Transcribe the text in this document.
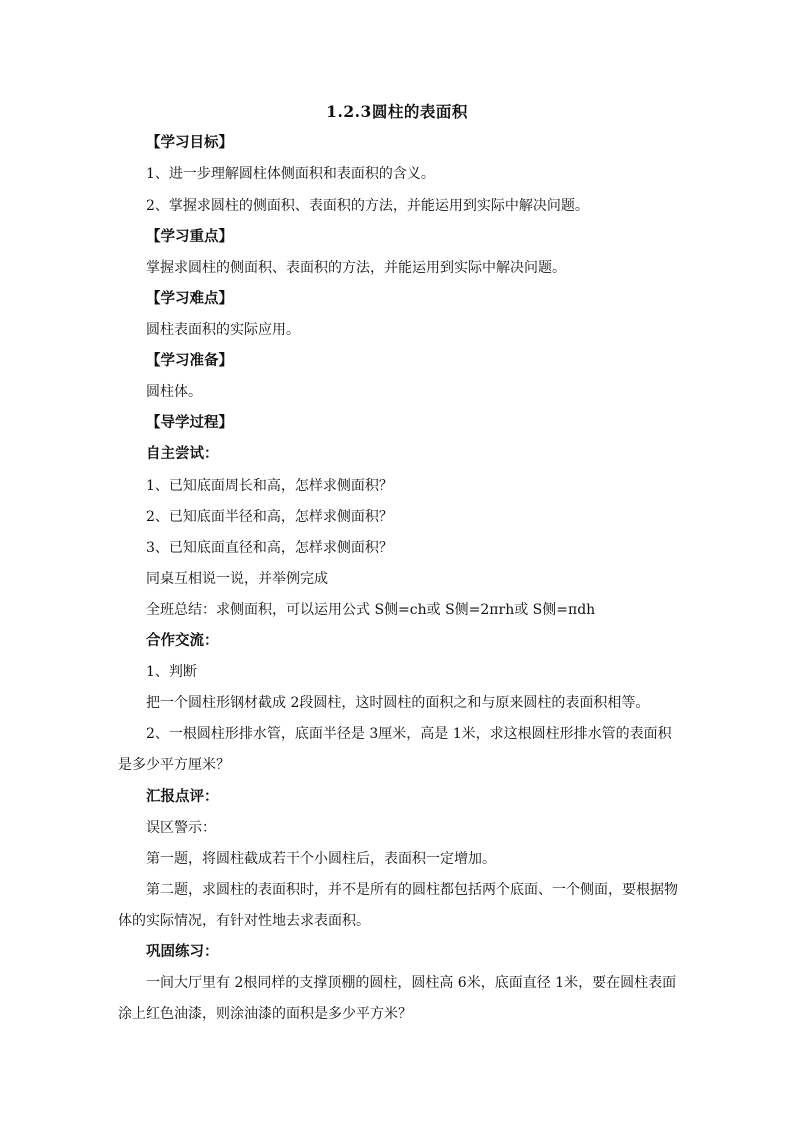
1.2.3圆柱的表面积
【学习目标】
1、进一步理解圆柱体侧面积和表面积的含义。
2、掌握求圆柱的侧面积、表面积的方法，并能运用到实际中解决问题。
【学习重点】
掌握求圆柱的侧面积、表面积的方法，并能运用到实际中解决问题。
【学习难点】
圆柱表面积的实际应用。
【学习准备】
圆柱体。
【导学过程】
自主尝试：
1、已知底面周长和高，怎样求侧面积？
2、已知底面半径和高，怎样求侧面积？
3、已知底面直径和高，怎样求侧面积？
同桌互相说一说，并举例完成
全班总结：求侧面积，可以运用公式 S侧=ch或 S侧=2πrh或 S侧=πdh
合作交流：
1、判断
把一个圆柱形钢材截成 2段圆柱，这时圆柱的面积之和与原来圆柱的表面积相等。
2、一根圆柱形排水管，底面半径是 3厘米，高是 1米，求这根圆柱形排水管的表面积
是多少平方厘米？
汇报点评：
误区警示：
第一题，将圆柱截成若干个小圆柱后，表面积一定增加。
第二题，求圆柱的表面积时，并不是所有的圆柱都包括两个底面、一个侧面，要根据物
体的实际情况，有针对性地去求表面积。
巩固练习：
一间大厅里有 2根同样的支撑顶棚的圆柱，圆柱高 6米，底面直径 1米，要在圆柱表面
涂上红色油漆，则涂油漆的面积是多少平方米？
